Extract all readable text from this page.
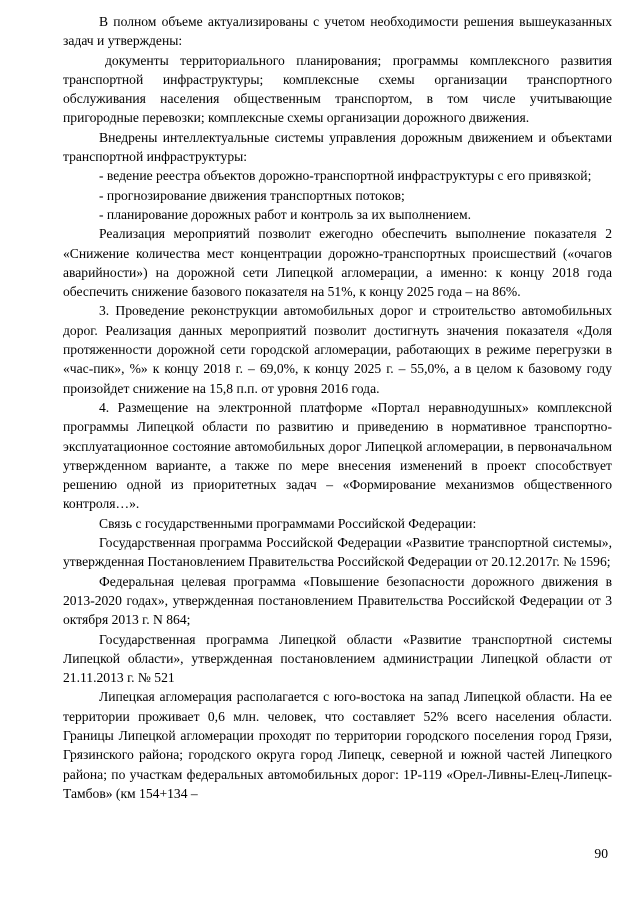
В полном объеме актуализированы с учетом необходимости решения вышеуказанных задач и утверждены:

документы территориального планирования; программы комплексного развития транспортной инфраструктуры; комплексные схемы организации транспортного обслуживания населения общественным транспортом, в том числе учитывающие пригородные перевозки; комплексные схемы организации дорожного движения.

Внедрены интеллектуальные системы управления дорожным движением и объектами транспортной инфраструктуры:

- ведение реестра объектов дорожно-транспортной инфраструктуры с его привязкой;

- прогнозирование движения транспортных потоков;

- планирование дорожных работ и контроль за их выполнением.

Реализация мероприятий позволит ежегодно обеспечить выполнение показателя 2 «Снижение количества мест концентрации дорожно-транспортных происшествий («очагов аварийности») на дорожной сети Липецкой агломерации, а именно: к концу 2018 года обеспечить снижение базового показателя на 51%, к концу 2025 года – на 86%.

3. Проведение реконструкции автомобильных дорог и строительство автомобильных дорог. Реализация данных мероприятий позволит достигнуть значения показателя «Доля протяженности дорожной сети городской агломерации, работающих в режиме перегрузки в «час-пик», %» к концу 2018 г. – 69,0%, к концу 2025 г. – 55,0%, а в целом к базовому году произойдет снижение на 15,8 п.п. от уровня 2016 года.

4. Размещение на электронной платформе «Портал неравнодушных» комплексной программы Липецкой области по развитию и приведению в нормативное транспортно-эксплуатационное состояние автомобильных дорог Липецкой агломерации, в первоначальном утвержденном варианте, а также по мере внесения изменений в проект способствует решению одной из приоритетных задач – «Формирование механизмов общественного контроля…».

Связь с государственными программами Российской Федерации:

Государственная программа Российской Федерации «Развитие транспортной системы», утвержденная Постановлением Правительства Российской Федерации от 20.12.2017г. № 1596;

Федеральная целевая программа «Повышение безопасности дорожного движения в 2013-2020 годах», утвержденная постановлением Правительства Российской Федерации от 3 октября 2013 г. N 864;

Государственная программа Липецкой области «Развитие транспортной системы Липецкой области», утвержденная постановлением администрации Липецкой области от 21.11.2013 г. № 521

Липецкая агломерация располагается с юго-востока на запад Липецкой области. На ее территории проживает 0,6 млн. человек, что составляет 52% всего населения области. Границы Липецкой агломерации проходят по территории городского поселения город Грязи, Грязинского района; городского округа город Липецк, северной и южной частей Липецкого района; по участкам федеральных автомобильных дорог: 1Р-119 «Орел-Ливны-Елец-Липецк-Тамбов» (км 154+134 –

90
